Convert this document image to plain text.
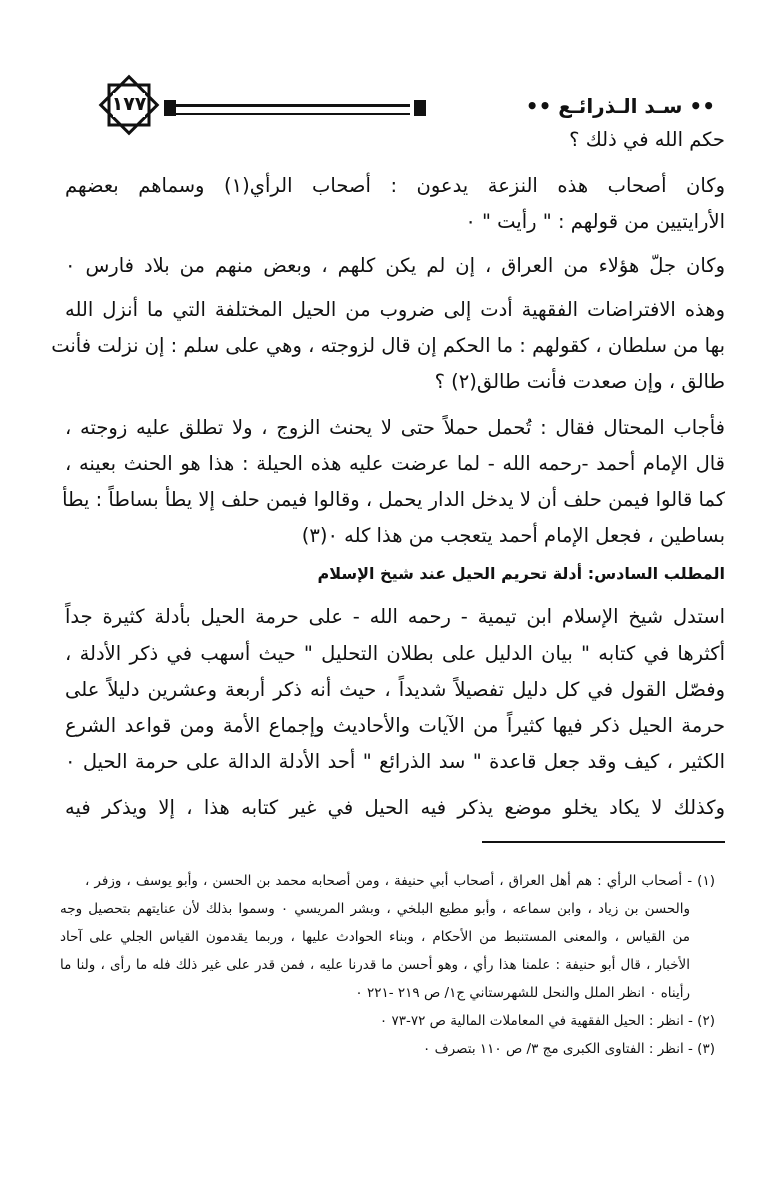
•• سـد الـذرائـع ••
١٧٧
حكم الله في ذلك ؟
وكان أصحاب هذه النزعة يدعون : أصحاب الرأي(١) وسماهم بعضهم
الأرايتيين من قولهم : " رأيت " ٠
وكان جلّ هؤلاء من العراق ، إن لم يكن كلهم ، وبعض منهم من بلاد فارس ٠
وهذه الافتراضات الفقهية أدت إلى ضروب من الحيل المختلفة التي ما أنزل الله
بها من سلطان ، كقولهم : ما الحكم إن قال لزوجته ، وهي على سلم : إن نزلت فأنت
طالق ، وإن صعدت فأنت طالق(٢) ؟
فأجاب المحتال فقال : تُحمل حملاً حتى لا يحنث الزوج ، ولا تطلق عليه زوجته ،
قال الإمام أحمد -رحمه الله - لما عرضت عليه هذه الحيلة : هذا هو الحنث بعينه ،
كما قالوا فيمن حلف أن لا يدخل الدار يحمل ، وقالوا فيمن حلف إلا يطأ بساطاً : يطأ
بساطين ، فجعل الإمام أحمد يتعجب من هذا كله ٠(٣)
المطلب السادس: أدلة تحريم الحيل عند شيخ الإسلام
استدل شيخ الإسلام ابن تيمية - رحمه الله - على حرمة الحيل بأدلة كثيرة جداً
أكثرها في كتابه " بيان الدليل على بطلان التحليل " حيث أسهب في ذكر الأدلة ،
وفصّل القول في كل دليل تفصيلاً شديداً ، حيث أنه ذكر أربعة وعشرين دليلاً على
حرمة الحيل ذكر فيها كثيراً من الآيات والأحاديث وإجماع الأمة ومن قواعد الشرع
الكثير ، كيف وقد جعل قاعدة " سد الذرائع " أحد الأدلة الدالة على حرمة الحيل ٠
وكذلك لا يكاد يخلو موضع يذكر فيه الحيل في غير كتابه هذا ، إلا ويذكر فيه
(١) - أصحاب الرأي : هم أهل العراق ، أصحاب أبي حنيفة ، ومن أصحابه محمد بن الحسن ، وأبو يوسف ، وزفر ،
والحسن بن زياد ، وابن سماعه ، وأبو مطيع البلخي ، وبشر المريسي ٠ وسموا بذلك لأن عنايتهم بتحصيل وجه
من القياس ، والمعنى المستنبط من الأحكام ، وبناء الحوادث عليها ، وربما يقدمون القياس الجلي على آحاد
الأخبار ، قال أبو حنيفة : علمنا هذا رأي ، وهو أحسن ما قدرنا عليه ، فمن قدر على غير ذلك فله ما رأى ، ولنا ما
رأيناه ٠ انظر الملل والنحل للشهرستاني ج١/ ص ٢١٩ -٢٢١ ٠
(٢) - انظر : الحيل الفقهية في المعاملات المالية ص ٧٢-٧٣ ٠
(٣) - انظر : الفتاوى الكبرى مج ٣/ ص ١١٠ بتصرف ٠
